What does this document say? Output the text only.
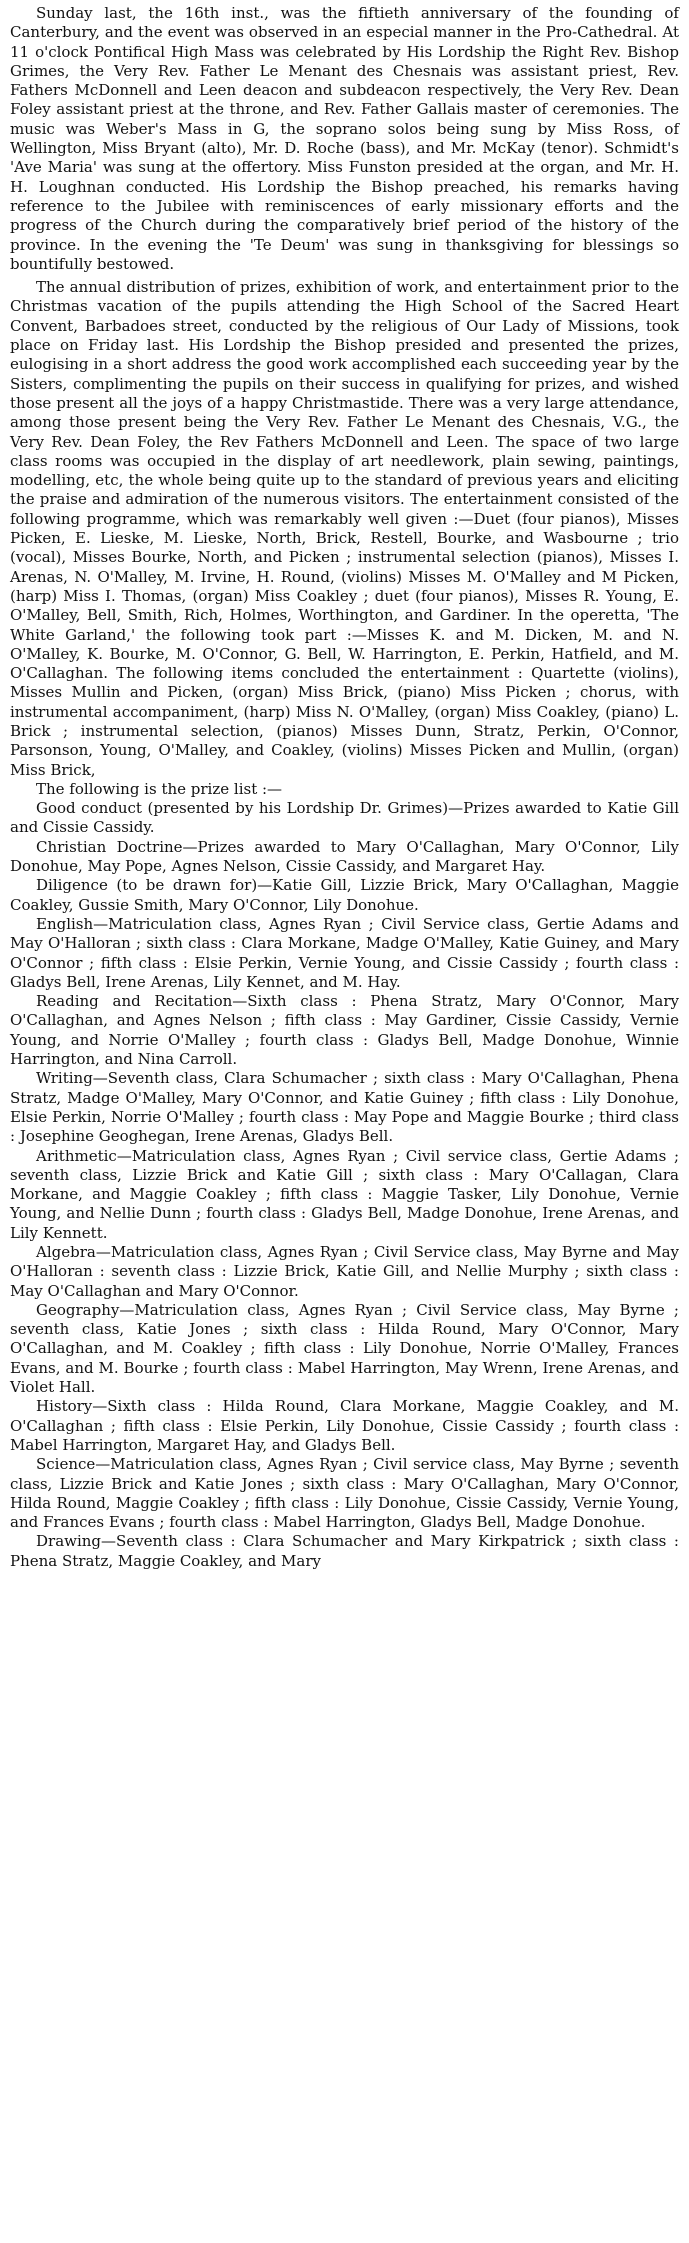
Sunday last, the 16th inst., was the fiftieth anniversary of the founding of Canterbury, and the event was observed in an especial manner in the Pro-Cathedral. At 11 o'clock Pontifical High Mass was celebrated by His Lordship the Right Rev. Bishop Grimes, the Very Rev. Father Le Menant des Chesnais was assistant priest, Rev. Fathers McDonnell and Leen deacon and subdeacon respectively, the Very Rev. Dean Foley assistant priest at the throne, and Rev. Father Gallais master of ceremonies. The music was Weber's Mass in G, the soprano solos being sung by Miss Ross, of Wellington, Miss Bryant (alto), Mr. D. Roche (bass), and Mr. McKay (tenor). Schmidt's 'Ave Maria' was sung at the offertory. Miss Funston presided at the organ, and Mr. H. H. Loughnan conducted. His Lordship the Bishop preached, his remarks having reference to the Jubilee with reminiscences of early missionary efforts and the progress of the Church during the comparatively brief period of the history of the province. In the evening the 'Te Deum' was sung in thanksgiving for blessings so bountifully bestowed.

The annual distribution of prizes, exhibition of work, and entertainment prior to the Christmas vacation of the pupils attending the High School of the Sacred Heart Convent, Barbadoes street, conducted by the religious of Our Lady of Missions, took place on Friday last. His Lordship the Bishop presided and presented the prizes, eulogising in a short address the good work accomplished each succeeding year by the Sisters, complimenting the pupils on their success in qualifying for prizes, and wished those present all the joys of a happy Christmastide. There was a very large attendance, among those present being the Very Rev. Father Le Menant des Chesnais, V.G., the Very Rev. Dean Foley, the Rev Fathers McDonnell and Leen. The space of two large class rooms was occupied in the display of art needlework, plain sewing, paintings, modelling, etc, the whole being quite up to the standard of previous years and eliciting the praise and admiration of the numerous visitors. The entertainment consisted of the following programme, which was remarkably well given :—Duet (four pianos), Misses Picken, E. Lieske, M. Lieske, North, Brick, Restell, Bourke, and Wasbourne ; trio (vocal), Misses Bourke, North, and Picken ; instrumental selection (pianos), Misses I. Arenas, N. O'Malley, M. Irvine, H. Round, (violins) Misses M. O'Malley and M Picken, (harp) Miss I. Thomas, (organ) Miss Coakley ; duet (four pianos), Misses R. Young, E. O'Malley, Bell, Smith, Rich, Holmes, Worthington, and Gardiner. In the operetta, 'The White Garland,' the following took part :—Misses K. and M. Dicken, M. and N. O'Malley, K. Bourke, M. O'Connor, G. Bell, W. Harrington, E. Perkin, Hatfield, and M. O'Callaghan. The following items concluded the entertainment : Quartette (violins), Misses Mullin and Picken, (organ) Miss Brick, (piano) Miss Picken ; chorus, with instrumental accompaniment, (harp) Miss N. O'Malley, (organ) Miss Coakley, (piano) L. Brick ; instrumental selection, (pianos) Misses Dunn, Stratz, Perkin, O'Connor, Parsonson, Young, O'Malley, and Coakley, (violins) Misses Picken and Mullin, (organ) Miss Brick,

The following is the prize list :—

Good conduct (presented by his Lordship Dr. Grimes)—Prizes awarded to Katie Gill and Cissie Cassidy.

Christian Doctrine—Prizes awarded to Mary O'Callaghan, Mary O'Connor, Lily Donohue, May Pope, Agnes Nelson, Cissie Cassidy, and Margaret Hay.

Diligence (to be drawn for)—Katie Gill, Lizzie Brick, Mary O'Callaghan, Maggie Coakley, Gussie Smith, Mary O'Connor, Lily Donohue.

English—Matriculation class, Agnes Ryan ; Civil Service class, Gertie Adams and May O'Halloran ; sixth class : Clara Morkane, Madge O'Malley, Katie Guiney, and Mary O'Connor ; fifth class : Elsie Perkin, Vernie Young, and Cissie Cassidy ; fourth class : Gladys Bell, Irene Arenas, Lily Kennet, and M. Hay.

Reading and Recitation—Sixth class : Phena Stratz, Mary O'Connor, Mary O'Callaghan, and Agnes Nelson ; fifth class : May Gardiner, Cissie Cassidy, Vernie Young, and Norrie O'Malley ; fourth class : Gladys Bell, Madge Donohue, Winnie Harrington, and Nina Carroll.

Writing—Seventh class, Clara Schumacher ; sixth class : Mary O'Callaghan, Phena Stratz, Madge O'Malley, Mary O'Connor, and Katie Guiney ; fifth class : Lily Donohue, Elsie Perkin, Norrie O'Malley ; fourth class : May Pope and Maggie Bourke ; third class : Josephine Geoghegan, Irene Arenas, Gladys Bell.

Arithmetic—Matriculation class, Agnes Ryan ; Civil service class, Gertie Adams ; seventh class, Lizzie Brick and Katie Gill ; sixth class : Mary O'Callagan, Clara Morkane, and Maggie Coakley ; fifth class : Maggie Tasker, Lily Donohue, Vernie Young, and Nellie Dunn ; fourth class : Gladys Bell, Madge Donohue, Irene Arenas, and Lily Kennett.

Algebra—Matriculation class, Agnes Ryan ; Civil Service class, May Byrne and May O'Halloran : seventh class : Lizzie Brick, Katie Gill, and Nellie Murphy ; sixth class : May O'Callaghan and Mary O'Connor.

Geography—Matriculation class, Agnes Ryan ; Civil Service class, May Byrne ; seventh class, Katie Jones ; sixth class : Hilda Round, Mary O'Connor, Mary O'Callaghan, and M. Coakley ; fifth class : Lily Donohue, Norrie O'Malley, Frances Evans, and M. Bourke ; fourth class : Mabel Harrington, May Wrenn, Irene Arenas, and Violet Hall.

History—Sixth class : Hilda Round, Clara Morkane, Maggie Coakley, and M. O'Callaghan ; fifth class : Elsie Perkin, Lily Donohue, Cissie Cassidy ; fourth class : Mabel Harrington, Margaret Hay, and Gladys Bell.

Science—Matriculation class, Agnes Ryan ; Civil service class, May Byrne ; seventh class, Lizzie Brick and Katie Jones ; sixth class : Mary O'Callaghan, Mary O'Connor, Hilda Round, Maggie Coakley ; fifth class : Lily Donohue, Cissie Cassidy, Vernie Young, and Frances Evans ; fourth class : Mabel Harrington, Gladys Bell, Madge Donohue.

Drawing—Seventh class : Clara Schumacher and Mary Kirkpatrick ; sixth class : Phena Stratz, Maggie Coakley, and Mary
